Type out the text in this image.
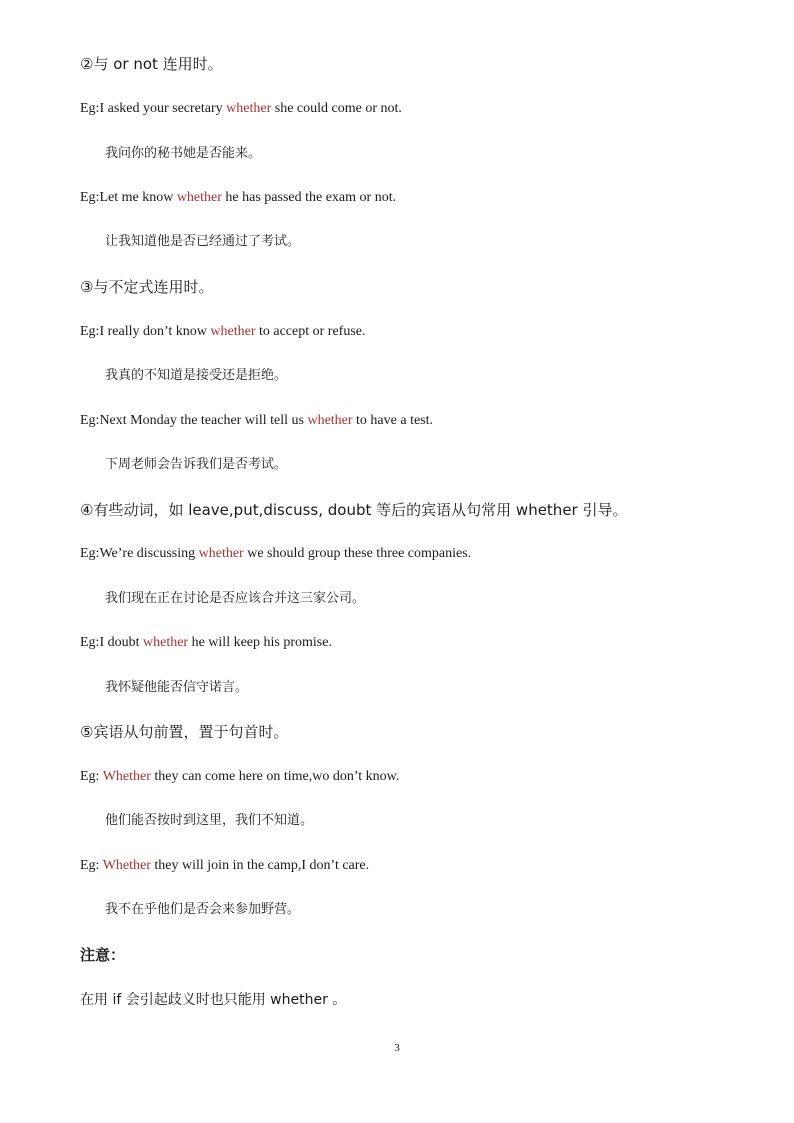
②与 or not 连用时。
Eg:I asked your secretary whether she could come or not.
我问你的秘书她是否能来。
Eg:Let me know whether he has passed the exam or not.
让我知道他是否已经通过了考试。
③与不定式连用时。
Eg:I really don’t know whether to accept or refuse.
我真的不知道是接受还是拒绝。
Eg:Next Monday the teacher will tell us whether to have a test.
下周老师会告诉我们是否考试。
④有些动词，如 leave,put,discuss, doubt 等后的宾语从句常用 whether 引导。
Eg:We’re discussing whether we should group these three companies.
我们现在正在讨论是否应该合并这三家公司。
Eg:I doubt whether he will keep his promise.
我怀疑他能否信守诺言。
⑤宾语从句前置，置于句首时。
Eg: Whether they can come here on time,wo don’t know.
他们能否按时到这里，我们不知道。
Eg: Whether they will join in the camp,I don’t care.
我不在乎他们是否会来参加野营。
注意：
在用 if 会引起歧义时也只能用 whether 。
3
